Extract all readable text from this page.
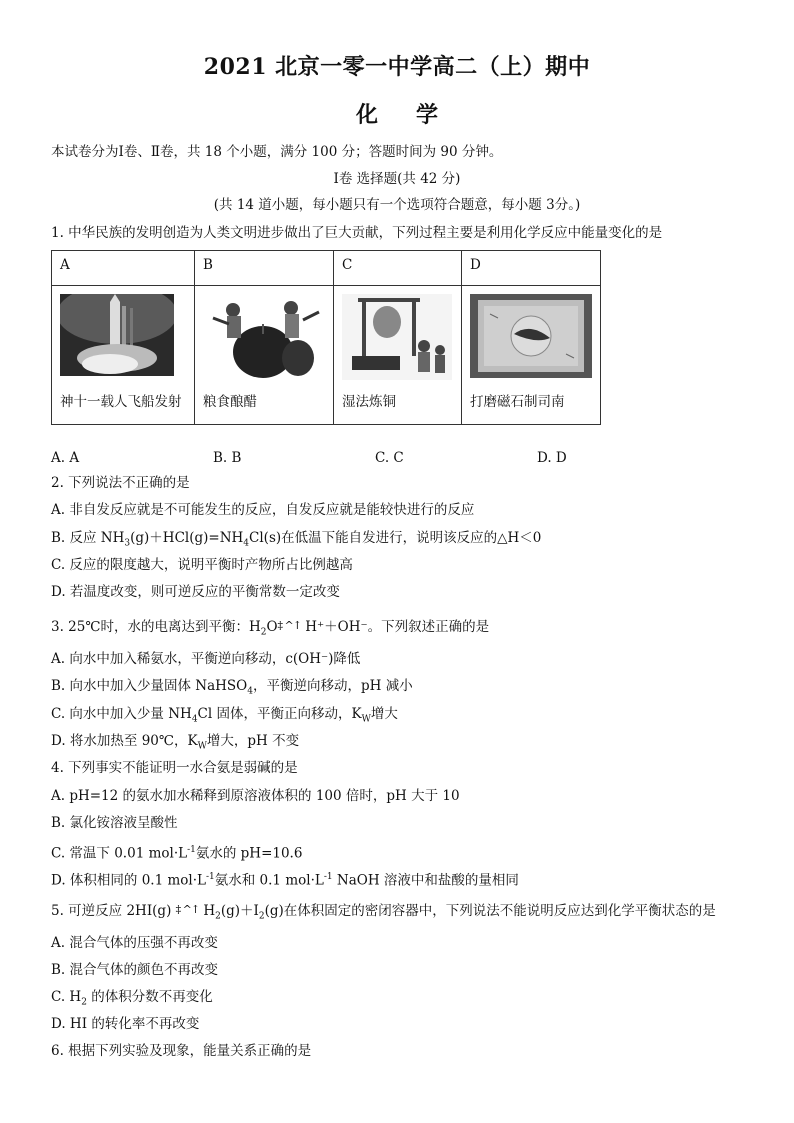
2021 北京一零一中学高二（上）期中
化学
本试卷分为Ⅰ卷、Ⅱ卷，共 18 个小题，满分 100 分；答题时间为 90 分钟。
Ⅰ卷 选择题(共 42 分)
(共 14 道小题，每小题只有一个选项符合题意，每小题 3分。)
1. 中华民族的发明创造为人类文明进步做出了巨大贡献，下列过程主要是利用化学反应中能量变化的是
A	B	C	D

神十一载人飞船发射	粮食酿醋	湿法炼铜	打磨磁石制司南
A. A	B. B	C. C	D. D
2. 下列说法不正确的是
A. 非自发反应就是不可能发生的反应，自发反应就是能较快进行的反应
B. 反应 $NH_3(g)+HCl(g)=NH_4Cl(s)$在低温下能自发进行，说明该反应的△H＜0
C. 反应的限度越大，说明平衡时产物所占比例越高
D. 若温度改变，则可逆反应的平衡常数一定改变
3. 25℃时，水的电离达到平衡：$H_2O\ddagger$ ^↑ H⁺＋OH⁻。下列叙述正确的是
A. 向水中加入稀氨水，平衡逆向移动，c(OH⁻)降低
B. 向水中加入少量固体 NaHSO$_4$，平衡逆向移动，pH 减小
C. 向水中加入少量 $NH_4Cl$ 固体，平衡正向移动，$K_W$增大
D. 将水加热至 90℃，$K_W$增大，pH 不变
4. 下列事实不能证明一水合氨是弱碱的是
A. pH=12 的氨水加水稀释到原溶液体积的 100 倍时，pH 大于 10
B. 氯化铵溶液呈酸性
C. 常温下 0.01 $mol\cdot L^{-1}$氨水的 pH=10.6
D. 体积相同的 0.1 $mol\cdot L^{-1}$氨水和 0.1 $mol\cdot L^{-1}$ NaOH 溶液中和盐酸的量相同
5. 可逆反应 2HI(g) ‡ ^↑ $H_2(g)+I_2(g)$在体积固定的密闭容器中，下列说法不能说明反应达到化学平衡状态的是
A. 混合气体的压强不再改变
B. 混合气体的颜色不再改变
C. $H_2$ 的体积分数不再变化
D. HI 的转化率不再改变
6. 根据下列实验及现象，能量关系正确的是
